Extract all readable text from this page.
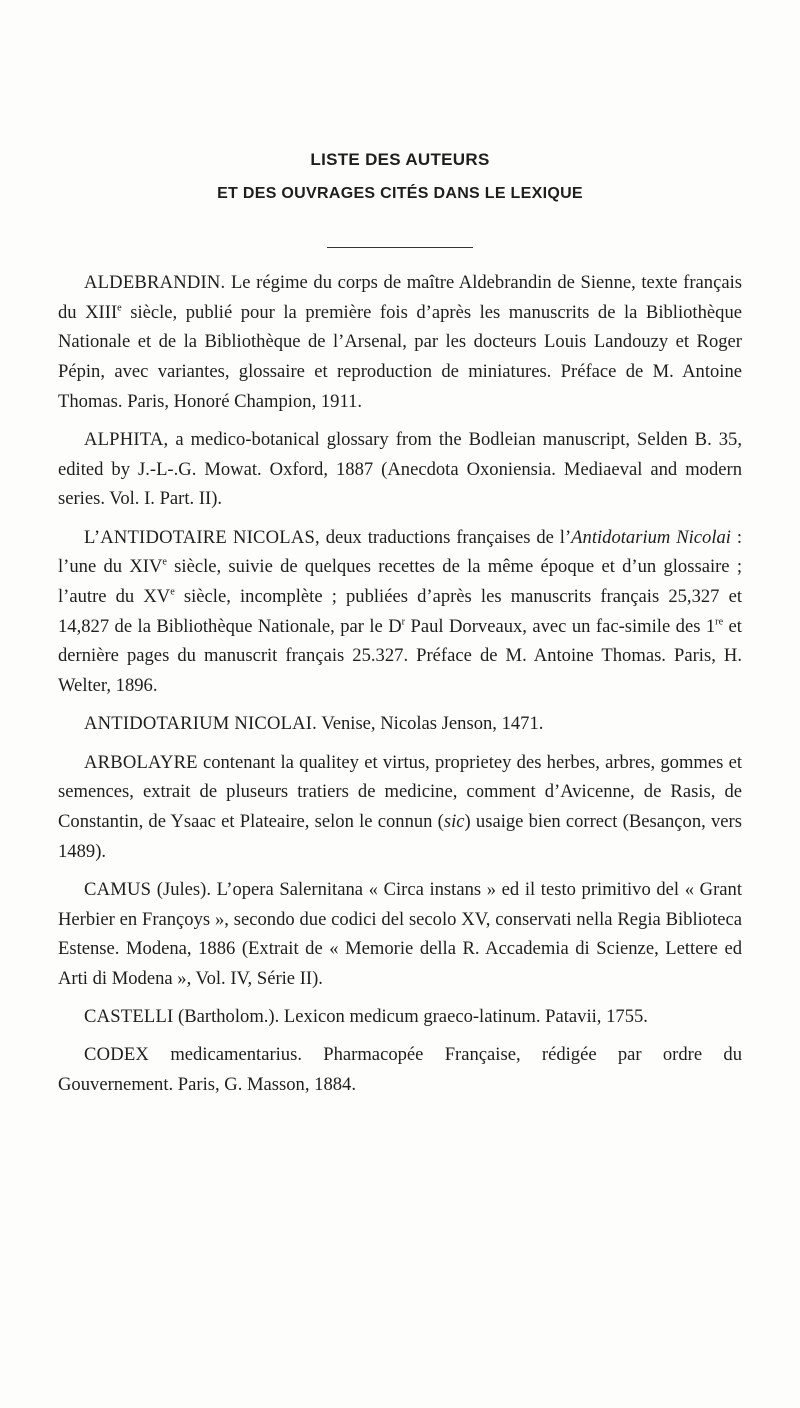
LISTE DES AUTEURS
ET DES OUVRAGES CITÉS DANS LE LEXIQUE

ALDEBRANDIN. Le régime du corps de maître Aldebrandin de Sienne, texte français du XIIIe siècle, publié pour la première fois d’après les manuscrits de la Bibliothèque Nationale et de la Bibliothèque de l’Arsenal, par les docteurs Louis Landouzy et Roger Pépin, avec variantes, glossaire et reproduction de miniatures. Préface de M. Antoine Thomas. Paris, Honoré Champion, 1911.

ALPHITA, a medico-botanical glossary from the Bodleian manuscript, Selden B. 35, edited by J.-L-.G. Mowat. Oxford, 1887 (Anecdota Oxoniensia. Mediaeval and modern series. Vol. I. Part. II).

L’ANTIDOTAIRE NICOLAS, deux traductions françaises de l’Antidotarium Nicolai : l’une du XIVe siècle, suivie de quelques recettes de la même époque et d’un glossaire ; l’autre du XVe siècle, incomplète ; publiées d’après les manuscrits français 25,327 et 14,827 de la Bibliothèque Nationale, par le $D^r$ Paul Dorveaux, avec un fac-simile des 1re et dernière pages du manuscrit français 25.327. Préface de M. Antoine Thomas. Paris, H. Welter, 1896.

ANTIDOTARIUM NICOLAI. Venise, Nicolas Jenson, 1471.

ARBOLAYRE contenant la qualitey et virtus, proprietey des herbes, arbres, gommes et semences, extrait de pluseurs tratiers de medicine, comment d’Avicenne, de Rasis, de Constantin, de Ysaac et Plateaire, selon le connun (sic) usaige bien correct (Besançon, vers 1489).

CAMUS (Jules). L’opera Salernitana « Circa instans » ed il testo primitivo del « Grant Herbier en Françoys », secondo due codici del secolo XV, conservati nella Regia Biblioteca Estense. Modena, 1886 (Extrait de « Memorie della R. Accademia di Scienze, Lettere ed Arti di Modena », Vol. IV, Série II).

CASTELLI (Bartholom.). Lexicon medicum graeco-latinum. Patavii, 1755.

CODEX medicamentarius. Pharmacopée Française, rédigée par ordre du Gouvernement. Paris, G. Masson, 1884.
